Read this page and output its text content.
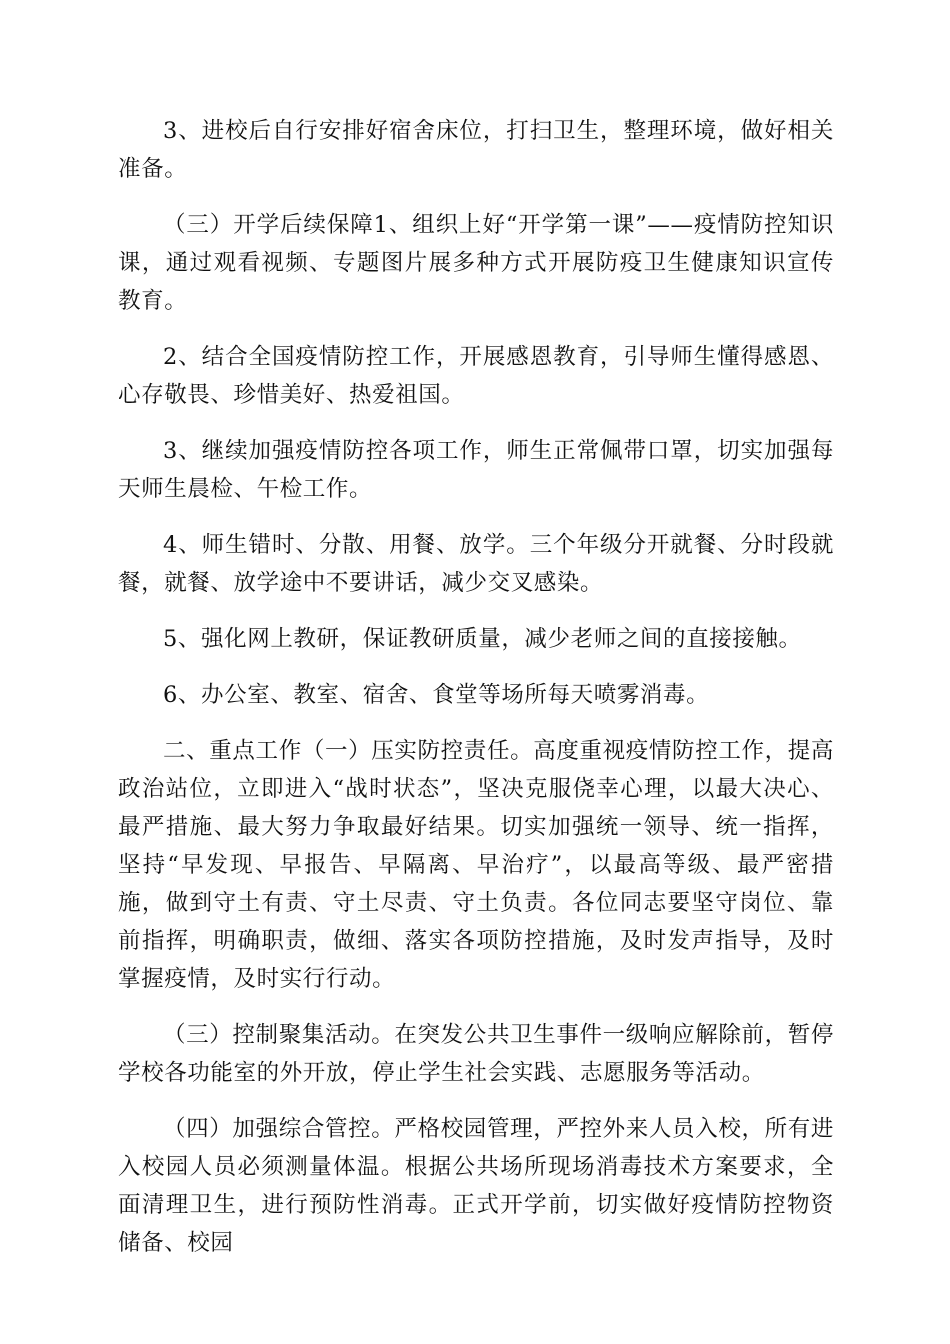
3、进校后自行安排好宿舍床位，打扫卫生，整理环境，做好相关准备。

（三）开学后续保障1、组织上好“开学第一课”——疫情防控知识课，通过观看视频、专题图片展多种方式开展防疫卫生健康知识宣传教育。

2、结合全国疫情防控工作，开展感恩教育，引导师生懂得感恩、心存敬畏、珍惜美好、热爱祖国。

3、继续加强疫情防控各项工作，师生正常佩带口罩，切实加强每天师生晨检、午检工作。

4、师生错时、分散、用餐、放学。三个年级分开就餐、分时段就餐，就餐、放学途中不要讲话，减少交叉感染。

5、强化网上教研，保证教研质量，减少老师之间的直接接触。

6、办公室、教室、宿舍、食堂等场所每天喷雾消毒。

二、重点工作（一）压实防控责任。高度重视疫情防控工作，提高政治站位，立即进入“战时状态”，坚决克服侥幸心理，以最大决心、最严措施、最大努力争取最好结果。切实加强统一领导、统一指挥，坚持“早发现、早报告、早隔离、早治疗”，以最高等级、最严密措施，做到守土有责、守土尽责、守土负责。各位同志要坚守岗位、靠前指挥，明确职责，做细、落实各项防控措施，及时发声指导，及时掌握疫情，及时实行行动。

（三）控制聚集活动。在突发公共卫生事件一级响应解除前，暂停学校各功能室的外开放，停止学生社会实践、志愿服务等活动。

（四）加强综合管控。严格校园管理，严控外来人员入校，所有进入校园人员必须测量体温。根据公共场所现场消毒技术方案要求，全面清理卫生，进行预防性消毒。正式开学前，切实做好疫情防控物资储备、校园
